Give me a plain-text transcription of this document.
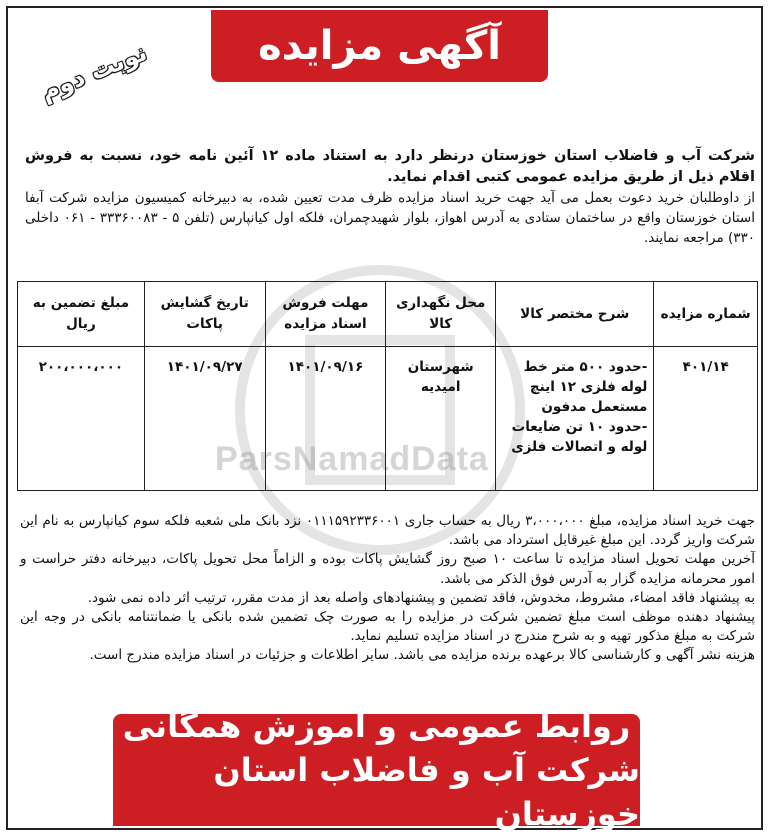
ParsNamadData
آگهی مزایده
نوبت دوم

شرکت آب و فاضلاب استان خوزستان درنظر دارد به استناد ماده ۱۲ آئین نامه خود، نسبت به فروش اقلام ذیل از طریق مزایده عمومی کتبی اقدام نماید.

از داوطلبان خرید دعوت بعمل می آید جهت خرید اسناد مزایده ظرف مدت تعیین شده، به دبیرخانه کمیسیون مزایده شرکت آبفا استان خوزستان واقع در ساختمان ستادی به آدرس اهواز، بلوار شهیدچمران، فلکه اول کیانپارس (تلفن ۵ - ۳۳۳۶۰۰۸۳ - ۰۶۱ داخلی ۳۳۰) مراجعه نمایند.

شماره مزایده	شرح مختصر کالا	محل نگهداری کالا	مهلت فروش اسناد مزایده	تاریخ گشایش پاکات	مبلغ تضمین به ریال
۴۰۱/۱۴	-حدود ۵۰۰ متر خط
لوله فلزی ۱۲ اینچ
مستعمل مدفون
-حدود ۱۰ تن ضایعات
لوله و اتصالات فلزی	شهرستان امیدیه	۱۴۰۱/۰۹/۱۶	۱۴۰۱/۰۹/۲۷	۲۰۰،۰۰۰،۰۰۰

جهت خرید اسناد مزایده، مبلغ ۳،۰۰۰،۰۰۰ ریال به حساب جاری ۰۱۱۱۵۹۲۳۳۶۰۰۱ نزد بانک ملی شعبه فلکه سوم کیانپارس به نام این شرکت واریز گردد. این مبلغ غیرقابل استرداد می باشد.

آخرین مهلت تحویل اسناد مزایده تا ساعت ۱۰ صبح روز گشایش پاکات بوده و الزاماً محل تحویل پاکات، دبیرخانه دفتر حراست و امور محرمانه مزایده گزار به آدرس فوق الذکر می باشد.

به پیشنهاد فاقد امضاء، مشروط، مخدوش، فاقد تضمین و پیشنهادهای واصله بعد از مدت مقرر، ترتیب اثر داده نمی شود.

پیشنهاد دهنده موظف است مبلغ تضمین شرکت در مزایده را به صورت چک تضمین شده بانکی یا ضمانتنامه بانکی در وجه این شرکت به مبلغ مذکور تهیه و به شرح مندرج در اسناد مزایده تسلیم نماید.

هزینه نشر آگهی و کارشناسی کالا برعهده برنده مزایده می باشد. سایر اطلاعات و جزئیات در اسناد مزایده مندرج است.

روابط عمومی و آموزش همگانی
شرکت آب و فاضلاب استان خوزستان
